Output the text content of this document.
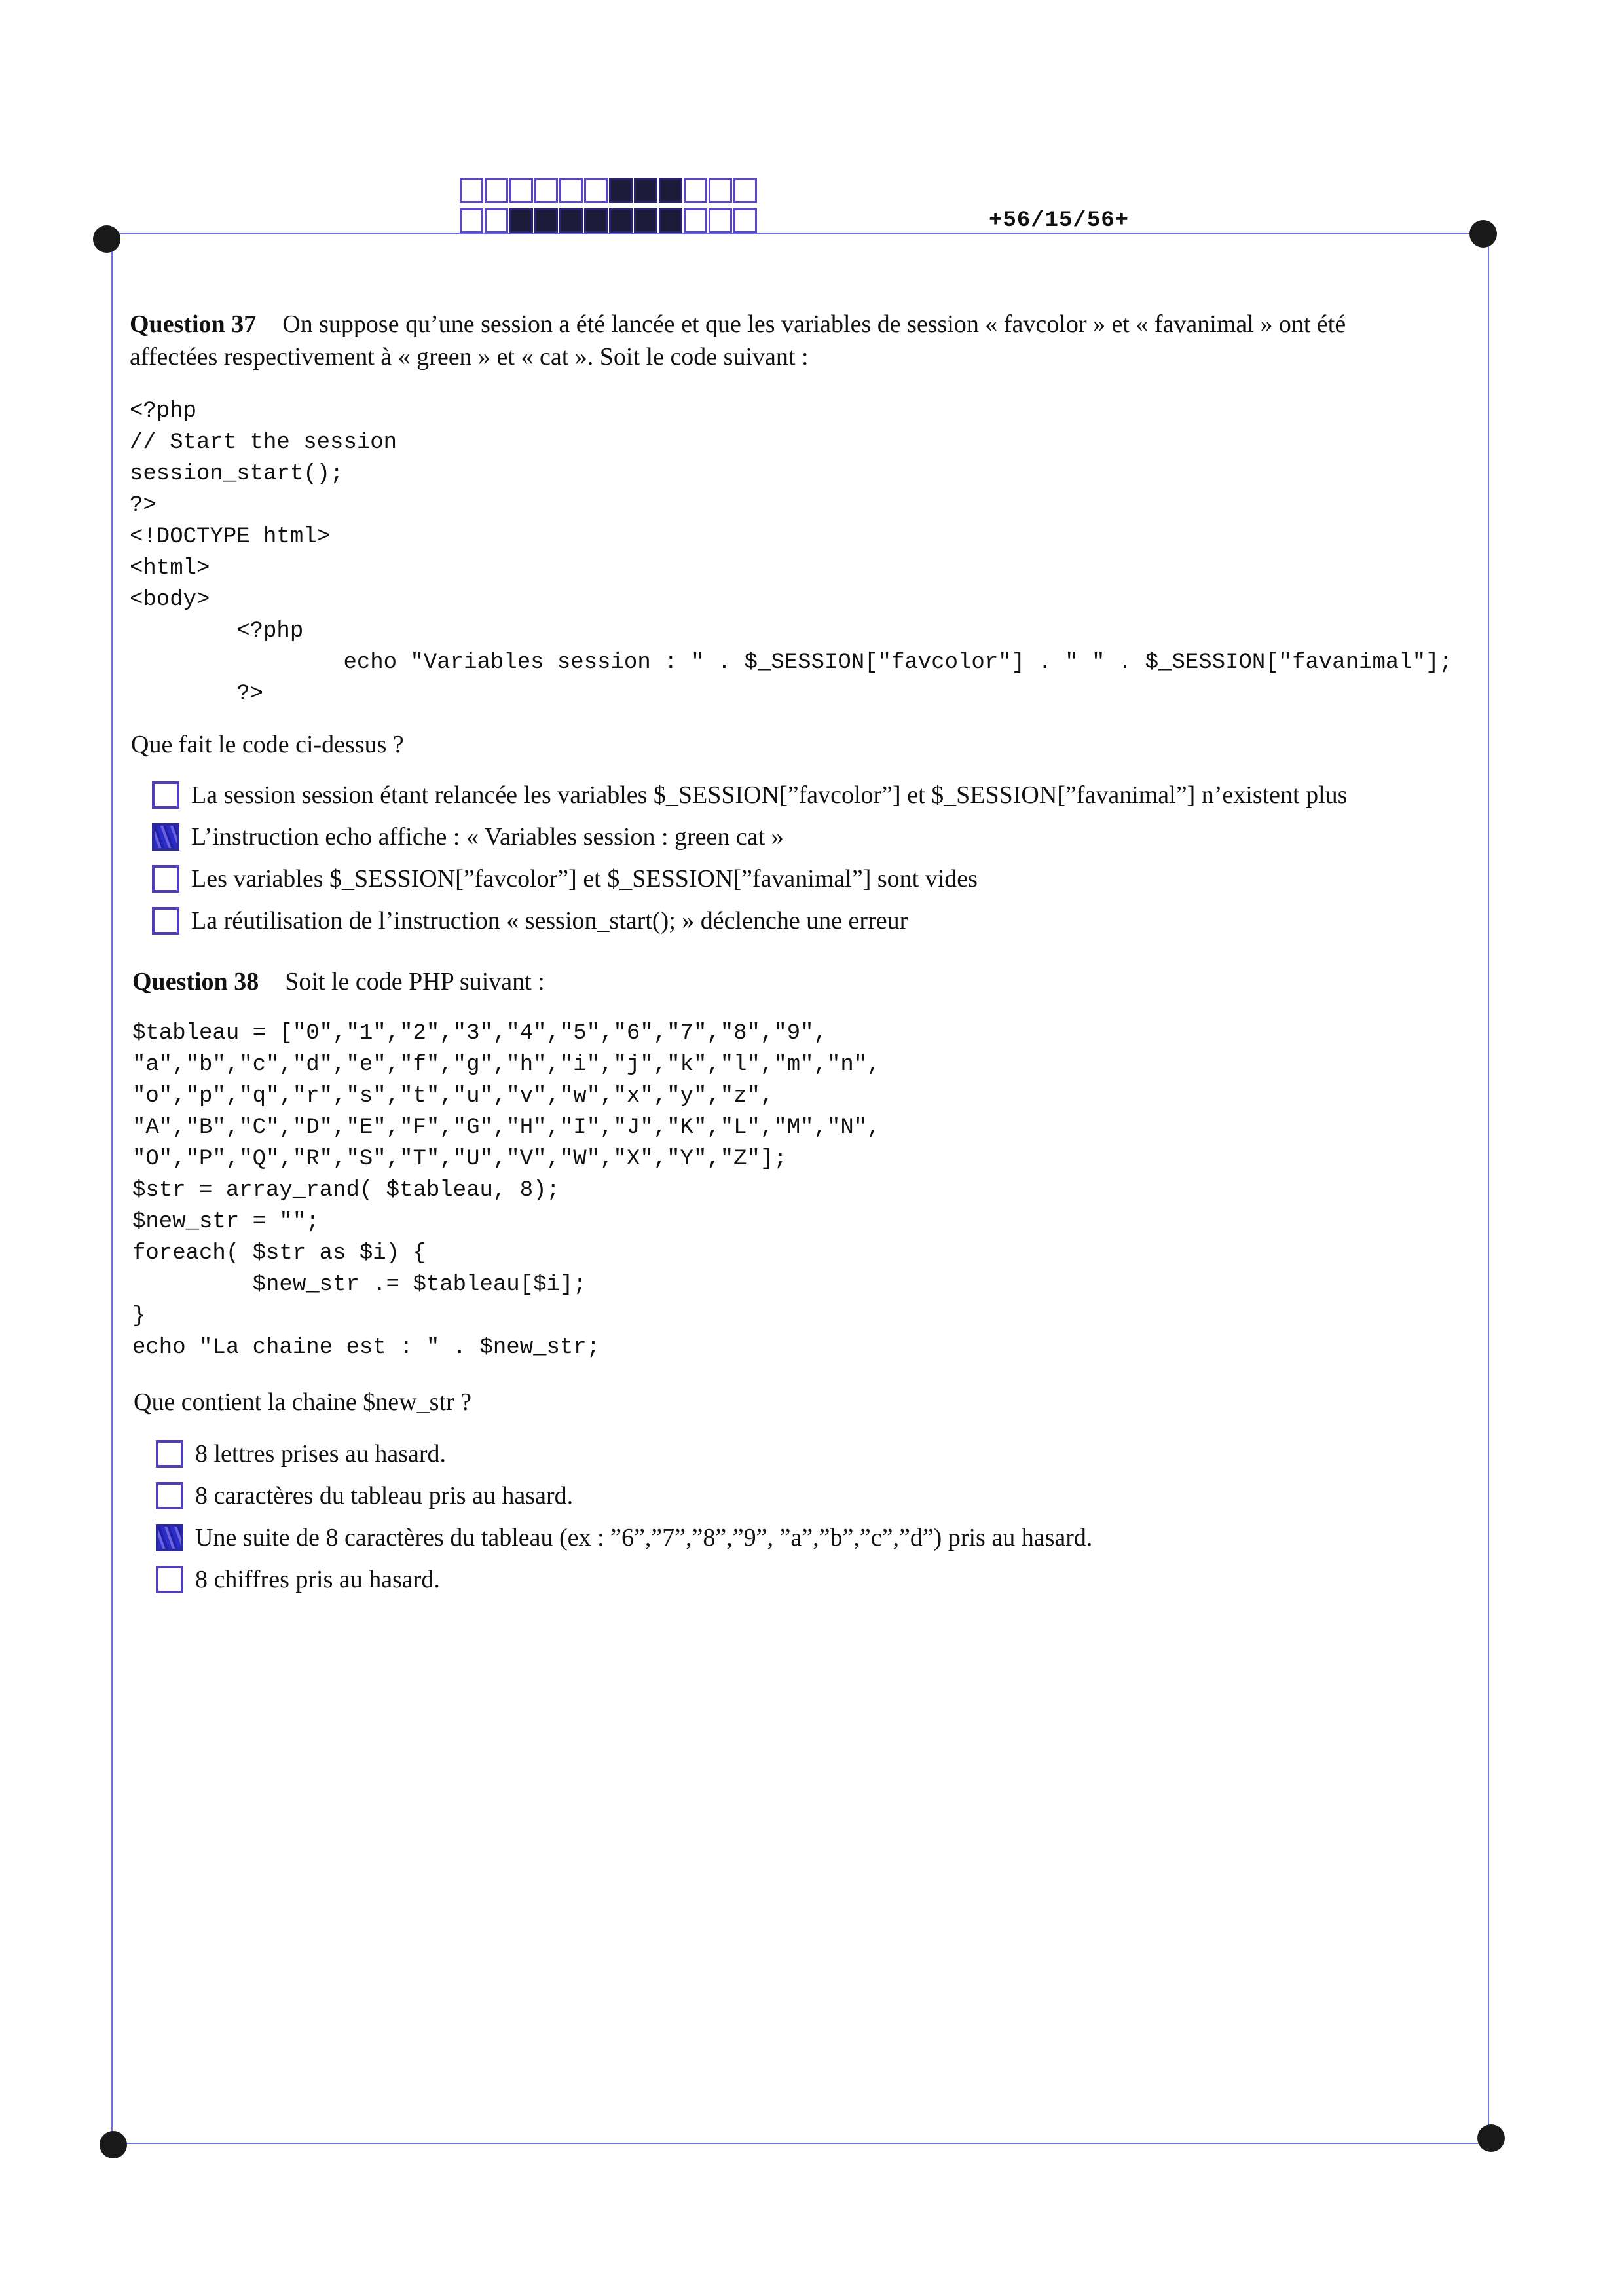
+56/15/56+
Question 37 On suppose qu’une session a été lancée et que les variables de session « favcolor » et « favanimal » ont été
affectées respectivement à « green » et « cat ». Soit le code suivant :
<?php
// Start the session
session_start();
?>
<!DOCTYPE html>
<html>
<body>
<?php
echo "Variables session : " . $_SESSION["favcolor"] . " " . $_SESSION["favanimal"];
?>
Que fait le code ci-dessus ?
La session session étant relancée les variables $_SESSION[”favcolor”] et $_SESSION[”favanimal”] n’existent plus
L’instruction echo affiche : « Variables session : green cat »
Les variables $_SESSION[”favcolor”] et $_SESSION[”favanimal”] sont vides
La réutilisation de l’instruction « session_start(); » déclenche une erreur
Question 38 Soit le code PHP suivant :
$tableau = ["0","1","2","3","4","5","6","7","8","9",
"a","b","c","d","e","f","g","h","i","j","k","l","m","n",
"o","p","q","r","s","t","u","v","w","x","y","z",
"A","B","C","D","E","F","G","H","I","J","K","L","M","N",
"O","P","Q","R","S","T","U","V","W","X","Y","Z"];
$str = array_rand( $tableau, 8);
$new_str = "";
foreach( $str as $i) {
$new_str .= $tableau[$i];
}
echo "La chaine est : " . $new_str;
Que contient la chaine $new_str ?
8 lettres prises au hasard.
8 caractères du tableau pris au hasard.
Une suite de 8 caractères du tableau (ex : ”6”,”7”,”8”,”9”, ”a”,”b”,”c”,”d”) pris au hasard.
8 chiffres pris au hasard.
